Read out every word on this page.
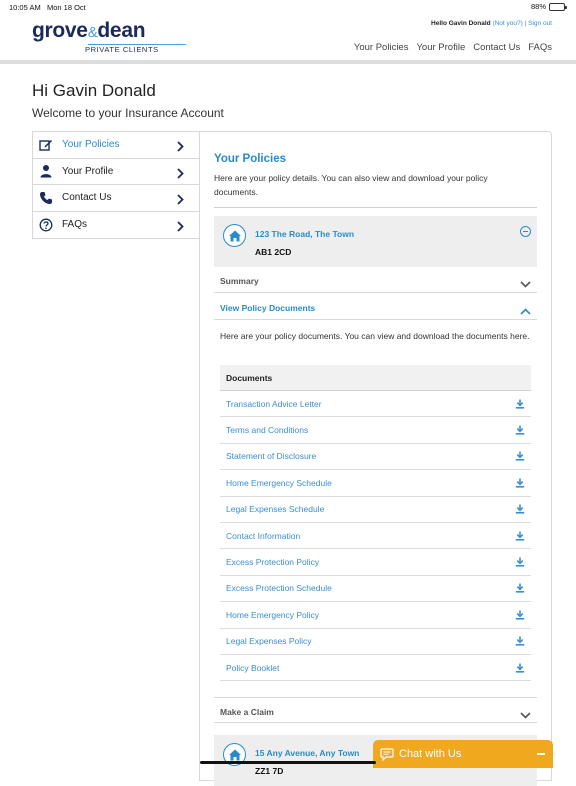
10:05 AM Mon 18 Oct	88%
grove&dean
PRIVATE CLIENTS
Hello Gavin Donald (Not you?) | Sign out
Your Policies Your Profile Contact Us FAQs
Hi Gavin Donald
Welcome to your Insurance Account
Your Policies
Your Profile
Contact Us
FAQs
Your Policies
Here are your policy details. You can also view and download your policy documents.
123 The Road, The Town
AB1 2CD
Summary
View Policy Documents
Here are your policy documents. You can view and download the documents here.
Documents
Transaction Advice Letter
Terms and Conditions
Statement of Disclosure
Home Emergency Schedule
Legal Expenses Schedule
Contact Information
Excess Protection Policy
Excess Protection Schedule
Home Emergency Policy
Legal Expenses Policy
Policy Booklet
Make a Claim
15 Any Avenue, Any Town
ZZ1 7D
Chat with Us
